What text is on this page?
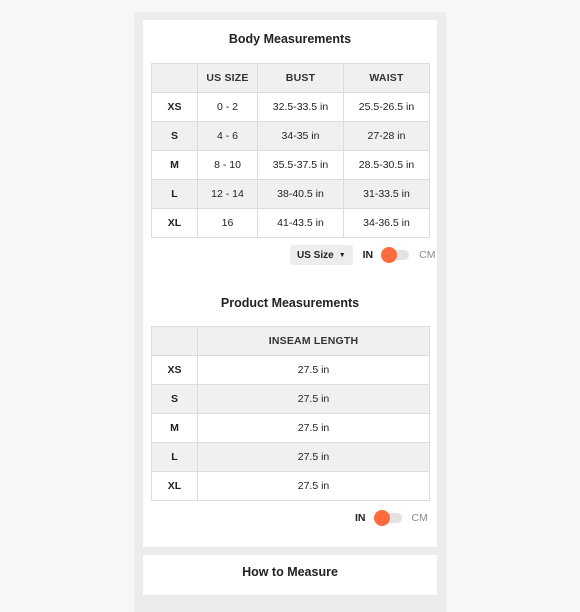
Body Measurements
	US SIZE	BUST	WAIST
XS	0 - 2	32.5-33.5 in	25.5-26.5 in
S	4 - 6	34-35 in	27-28 in
M	8 - 10	35.5-37.5 in	28.5-30.5 in
L	12 - 14	38-40.5 in	31-33.5 in
XL	16	41-43.5 in	34-36.5 in
US Size ▼ IN	CM
Product Measurements
	INSEAM LENGTH
XS	27.5 in
S	27.5 in
M	27.5 in
L	27.5 in
XL	27.5 in
IN	CM
How to Measure
